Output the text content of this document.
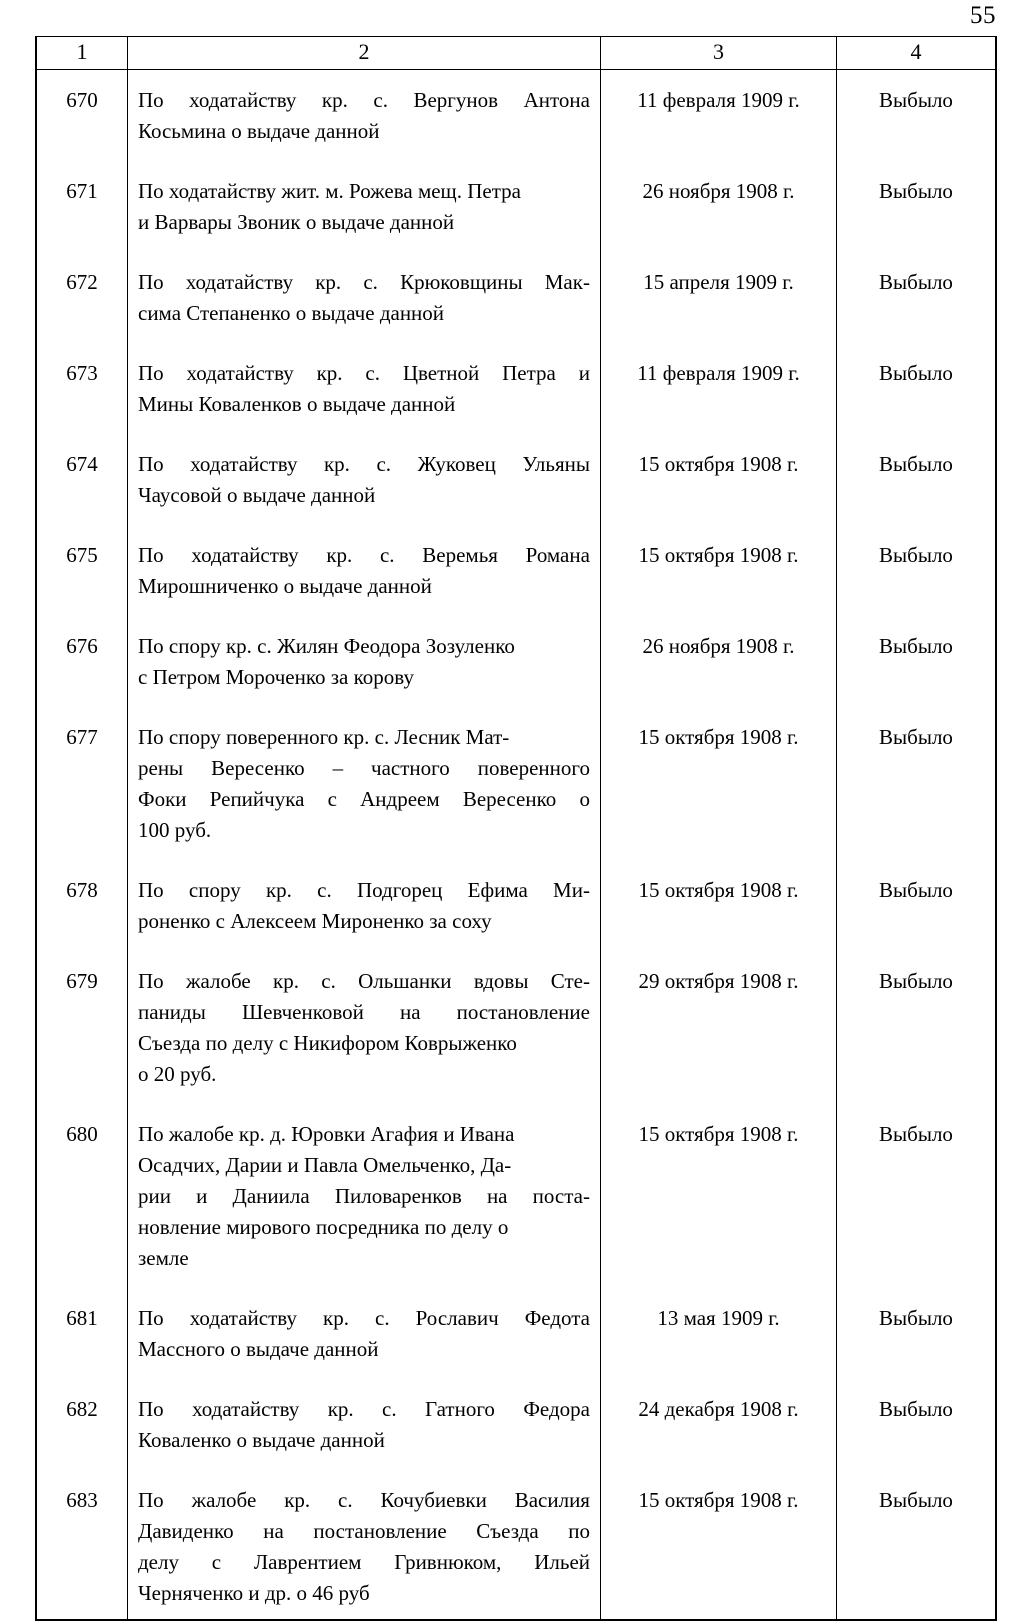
55
1	2	3	4
670	По ходатайству кр. с. Вергунов Антона
Косьмина о выдаче данной
	11 февраля 1909 г.	Выбыло
671	По ходатайству жит. м. Рожева мещ. Петра
и Варвары Звоник о выдаче данной	26 ноября 1908 г.	Выбыло
672	По ходатайству кр. с. Крюковщины Мак-
сима Степаненко о выдаче данной
	15 апреля 1909 г.	Выбыло
673	По ходатайству кр. с. Цветной Петра и
Мины Коваленков о выдаче данной
	11 февраля 1909 г.	Выбыло
674	По ходатайству кр. с. Жуковец Ульяны
Чаусовой о выдаче данной
	15 октября 1908 г.	Выбыло
675	По ходатайству кр. с. Веремья Романа
Мирошниченко о выдаче данной
	15 октября 1908 г.	Выбыло
676	По спору кр. с. Жилян Феодора Зозуленко
с Петром Мороченко за корову	26 ноября 1908 г.	Выбыло
677	По спору поверенного кр. с. Лесник Мат-
рены Вересенко – частного поверенного
Фоки Репийчука с Андреем Вересенко о
100 руб.
	15 октября 1908 г.	Выбыло
678	По спору кр. с. Подгорец Ефима Ми-
роненко с Алексеем Мироненко за соху
	15 октября 1908 г.	Выбыло
679	По жалобе кр. с. Ольшанки вдовы Сте-
паниды Шевченковой на постановление
Съезда по делу с Никифором Коврыженко
о 20 руб.
	29 октября 1908 г.	Выбыло
680	По жалобе кр. д. Юровки Агафия и Ивана
Осадчих, Дарии и Павла Омельченко, Да-
рии и Даниила Пиловаренков на поста-
новление мирового посредника по делу о
земле
	15 октября 1908 г.	Выбыло
681	По ходатайству кр. с. Рославич Федота
Массного о выдаче данной
	13 мая 1909 г.	Выбыло
682	По ходатайству кр. с. Гатного Федора
Коваленко о выдаче данной
	24 декабря 1908 г.	Выбыло
683	По жалобе кр. с. Кочубиевки Василия
Давиденко на постановление Съезда по
делу с Лаврентием Гривнюком, Ильей
Черняченко и др. о 46 руб
	15 октября 1908 г.	Выбыло
